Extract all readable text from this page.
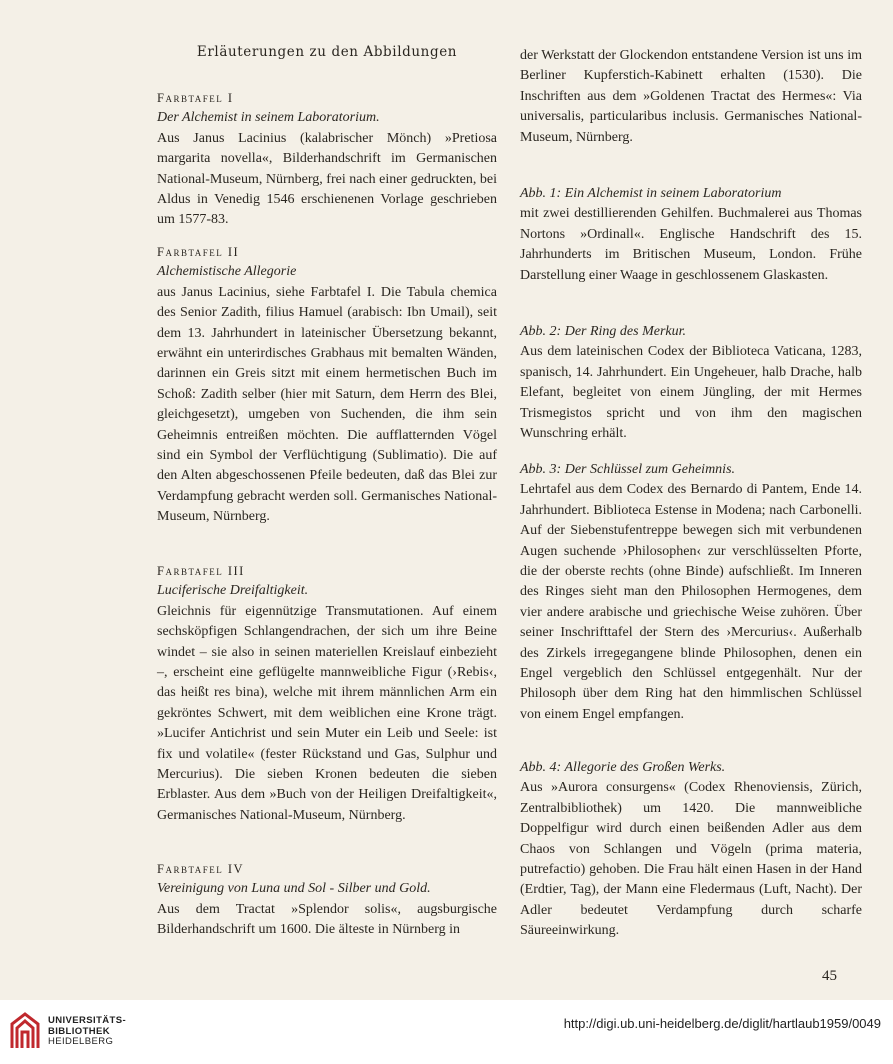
Erläuterungen zu den Abbildungen

Farbtafel I

Der Alchemist in seinem Laboratorium.

Aus Janus Lacinius (kalabrischer Mönch) »Pretiosa margarita novella«, Bilderhandschrift im Germanischen National-Museum, Nürnberg, frei nach einer gedruckten, bei Aldus in Venedig 1546 erschienenen Vorlage geschrieben um 1577-83.

Farbtafel II

Alchemistische Allegorie

aus Janus Lacinius, siehe Farbtafel I. Die Tabula chemica des Senior Zadith, filius Hamuel (arabisch: Ibn Umail), seit dem 13. Jahrhundert in lateinischer Übersetzung bekannt, erwähnt ein unterirdisches Grabhaus mit bemalten Wänden, darinnen ein Greis sitzt mit einem hermetischen Buch im Schoß: Zadith selber (hier mit Saturn, dem Herrn des Blei, gleichgesetzt), umgeben von Suchenden, die ihm sein Geheimnis entreißen möchten. Die aufflatternden Vögel sind ein Symbol der Verflüchtigung (Sublimatio). Die auf den Alten abgeschossenen Pfeile bedeuten, daß das Blei zur Verdampfung gebracht werden soll. Germanisches National-Museum, Nürnberg.

Farbtafel III

Luciferische Dreifaltigkeit.

Gleichnis für eigennützige Transmutationen. Auf einem sechsköpfigen Schlangendrachen, der sich um ihre Beine windet – sie also in seinen materiellen Kreislauf einbezieht –, erscheint eine geflügelte mannweibliche Figur (›Rebis‹, das heißt res bina), welche mit ihrem männlichen Arm ein gekröntes Schwert, mit dem weiblichen eine Krone trägt. »Lucifer Antichrist und sein Muter ein Leib und Seele: ist fix und volatile« (fester Rückstand und Gas, Sulphur und Mercurius). Die sieben Kronen bedeuten die sieben Erblaster. Aus dem »Buch von der Heiligen Dreifaltigkeit«, Germanisches National-Museum, Nürnberg.

Farbtafel IV

Vereinigung von Luna und Sol - Silber und Gold.

Aus dem Tractat »Splendor solis«, augsburgische Bilderhandschrift um 1600. Die älteste in Nürnberg in

der Werkstatt der Glockendon entstandene Version ist uns im Berliner Kupferstich-Kabinett erhalten (1530). Die Inschriften aus dem »Goldenen Tractat des Hermes«: Via universalis, particularibus inclusis. Germanisches National-Museum, Nürnberg.

Abb. 1: Ein Alchemist in seinem Laboratorium

mit zwei destillierenden Gehilfen. Buchmalerei aus Thomas Nortons »Ordinall«. Englische Handschrift des 15. Jahrhunderts im Britischen Museum, London. Frühe Darstellung einer Waage in geschlossenem Glaskasten.

Abb. 2: Der Ring des Merkur.

Aus dem lateinischen Codex der Biblioteca Vaticana, 1283, spanisch, 14. Jahrhundert. Ein Ungeheuer, halb Drache, halb Elefant, begleitet von einem Jüngling, der mit Hermes Trismegistos spricht und von ihm den magischen Wunschring erhält.

Abb. 3: Der Schlüssel zum Geheimnis.

Lehrtafel aus dem Codex des Bernardo di Pantem, Ende 14. Jahrhundert. Biblioteca Estense in Modena; nach Carbonelli. Auf der Siebenstufentreppe bewegen sich mit verbundenen Augen suchende ›Philosophen‹ zur verschlüsselten Pforte, die der oberste rechts (ohne Binde) aufschließt. Im Inneren des Ringes sieht man den Philosophen Hermogenes, dem vier andere arabische und griechische Weise zuhören. Über seiner Inschrifttafel der Stern des ›Mercurius‹. Außerhalb des Zirkels irregegangene blinde Philosophen, denen ein Engel vergeblich den Schlüssel entgegenhält. Nur der Philosoph über dem Ring hat den himmlischen Schlüssel von einem Engel empfangen.

Abb. 4: Allegorie des Großen Werks.

Aus »Aurora consurgens« (Codex Rhenoviensis, Zürich, Zentralbibliothek) um 1420. Die mannweibliche Doppelfigur wird durch einen beißenden Adler aus dem Chaos von Schlangen und Vögeln (prima materia, putrefactio) gehoben. Die Frau hält einen Hasen in der Hand (Erdtier, Tag), der Mann eine Fledermaus (Luft, Nacht). Der Adler bedeutet Verdampfung durch scharfe Säureeinwirkung.

45
UNIVERSITÄTS-
BIBLIOTHEK
HEIDELBERG
http://digi.ub.uni-heidelberg.de/diglit/hartlaub1959/0049
